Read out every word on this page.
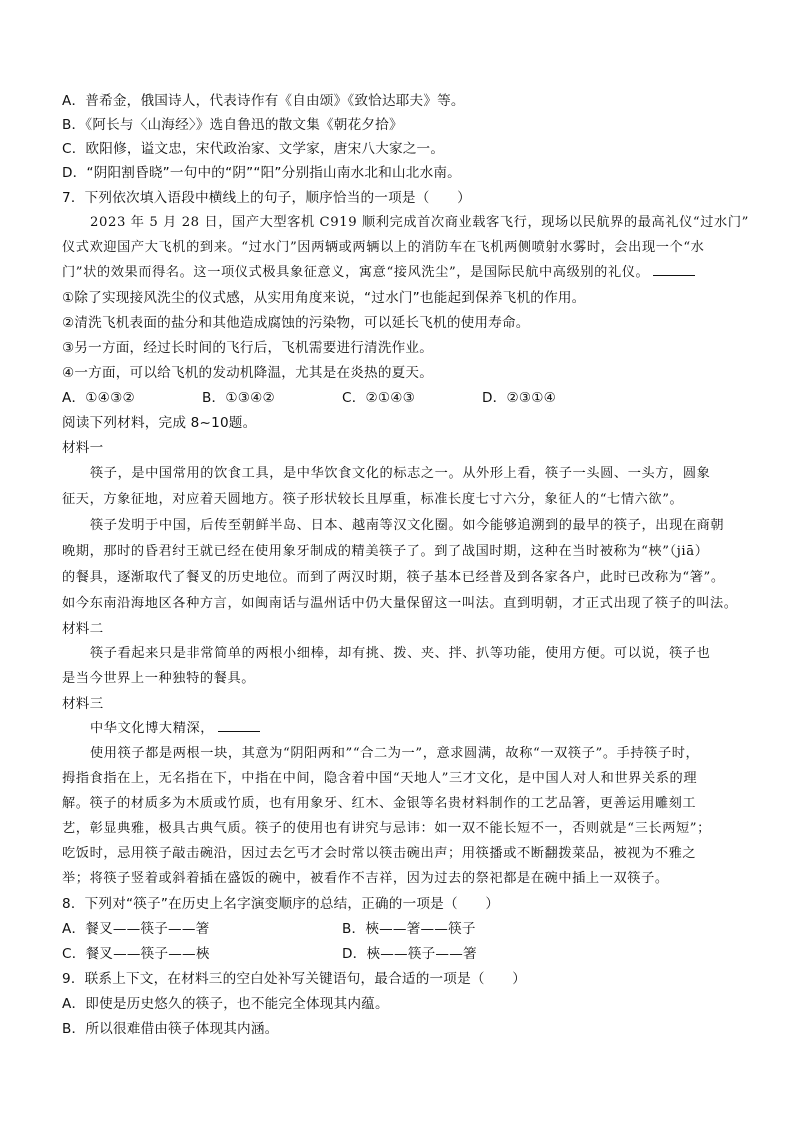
A．普希金，俄国诗人，代表诗作有《自由颂》《致恰达耶夫》等。
B．《阿长与〈山海经〉》选自鲁迅的散文集《朝花夕拾》
C．欧阳修，谥文忠，宋代政治家、文学家，唐宋八大家之一。
D．“阴阳割昏晓”一句中的“阴”“阳”分别指山南水北和山北水南。
7．下列依次填入语段中横线上的句子，顺序恰当的一项是（　　）
2023 年 5 月 28 日，国产大型客机 C919 顺利完成首次商业载客飞行，现场以民航界的最高礼仪“过水门”
仪式欢迎国产大飞机的到来。“过水门”因两辆或两辆以上的消防车在飞机两侧喷射水雾时，会出现一个“水
门”状的效果而得名。这一项仪式极具象征意义，寓意“接风洗尘”，是国际民航中高级别的礼仪。
①除了实现接风洗尘的仪式感，从实用角度来说，“过水门”也能起到保养飞机的作用。
②清洗飞机表面的盐分和其他造成腐蚀的污染物，可以延长飞机的使用寿命。
③另一方面，经过长时间的飞行后，飞机需要进行清洗作业。
④一方面，可以给飞机的发动机降温，尤其是在炎热的夏天。
A．①④③②	B．①③④②	C．②①④③	D．②③①④
阅读下列材料，完成 8~10题。
材料一
筷子，是中国常用的饮食工具，是中华饮食文化的标志之一。从外形上看，筷子一头圆、一头方，圆象
征天，方象征地，对应着天圆地方。筷子形状较长且厚重，标准长度七寸六分，象征人的“七情六欲”。
筷子发明于中国，后传至朝鲜半岛、日本、越南等汉文化圈。如今能够追溯到的最早的筷子，出现在商朝
晚期，那时的昏君纣王就已经在使用象牙制成的精美筷子了。到了战国时期，这种在当时被称为“梜”（jiā）
的餐具，逐渐取代了餐叉的历史地位。而到了两汉时期，筷子基本已经普及到各家各户，此时已改称为“箸”。
如今东南沿海地区各种方言，如闽南话与温州话中仍大量保留这一叫法。直到明朝，才正式出现了筷子的叫法。
材料二
筷子看起来只是非常简单的两根小细棒，却有挑、拨、夹、拌、扒等功能，使用方便。可以说，筷子也
是当今世界上一种独特的餐具。
材料三
中华文化博大精深，
使用筷子都是两根一块，其意为“阴阳两和”“合二为一”，意求圆满，故称“一双筷子”。手持筷子时，
拇指食指在上，无名指在下，中指在中间，隐含着中国“天地人”三才文化，是中国人对人和世界关系的理
解。筷子的材质多为木质或竹质，也有用象牙、红木、金银等名贵材料制作的工艺品箸，更善运用雕刻工
艺，彰显典雅，极具古典气质。筷子的使用也有讲究与忌讳：如一双不能长短不一，否则就是“三长两短”；
吃饭时，忌用筷子敲击碗沿，因过去乞丐才会时常以筷击碗出声；用筷播或不断翻拨菜品，被视为不雅之
举；将筷子竖着或斜着插在盛饭的碗中，被看作不吉祥，因为过去的祭祀都是在碗中插上一双筷子。
8．下列对“筷子”在历史上名字演变顺序的总结，正确的一项是（　　）
A．餐叉——筷子——箸	B．梜——箸——筷子
C．餐叉——筷子——梜	D．梜——筷子——箸
9．联系上下文，在材料三的空白处补写关键语句，最合适的一项是（　　）
A．即使是历史悠久的筷子，也不能完全体现其内蕴。
B．所以很难借由筷子体现其内涵。
